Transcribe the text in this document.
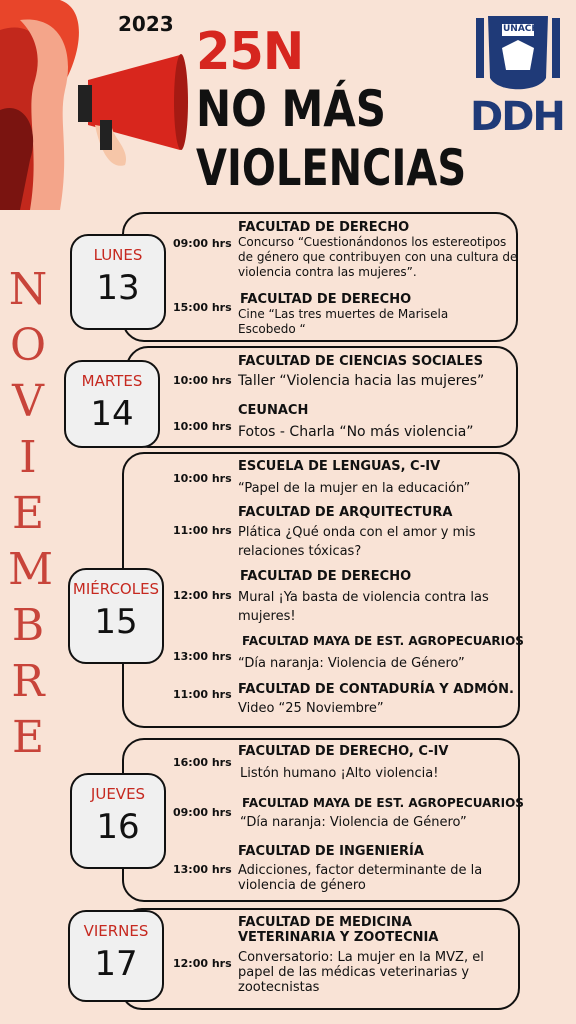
2023 25N
NO MÁS
VIOLENCIAS
UNACH
DDH
N
O
V
I
E
M
B
R
E
LUNES
13
FACULTAD DE DERECHO
09:00 hrs Concurso “Cuestionándonos los estereotipos de género que contribuyen con una cultura de violencia contra las mujeres”.
FACULTAD DE DERECHO
15:00 hrs Cine “Las tres muertes de Marisela Escobedo “
MARTES
14
FACULTAD DE CIENCIAS SOCIALES
10:00 hrs Taller “Violencia hacia las mujeres”
CEUNACH
10:00 hrs Fotos - Charla “No más violencia”
MIÉRCOLES
15
ESCUELA DE LENGUAS, C-IV
10:00 hrs
“Papel de la mujer en la educación”
FACULTAD DE ARQUITECTURA
11:00 hrs Plática ¿Qué onda con el amor y mis relaciones tóxicas?
FACULTAD DE DERECHO
12:00 hrs Mural ¡Ya basta de violencia contra las mujeres!
FACULTAD MAYA DE EST. AGROPECUARIOS
13:00 hrs “Día naranja: Violencia de Género”
FACULTAD DE CONTADURÍA Y ADMÓN.
11:00 hrs
Video “25 Noviembre”
JUEVES
16
FACULTAD DE DERECHO, C-IV
16:00 hrs
Listón humano ¡Alto violencia!
FACULTAD MAYA DE EST. AGROPECUARIOS
09:00 hrs
“Día naranja: Violencia de Género”
FACULTAD DE INGENIERÍA
13:00 hrs Adicciones, factor determinante de la violencia de género
VIERNES
17
FACULTAD DE MEDICINA VETERINARIA Y ZOOTECNIA
12:00 hrs Conversatorio: La mujer en la MVZ, el papel de las médicas veterinarias y zootecnistas
